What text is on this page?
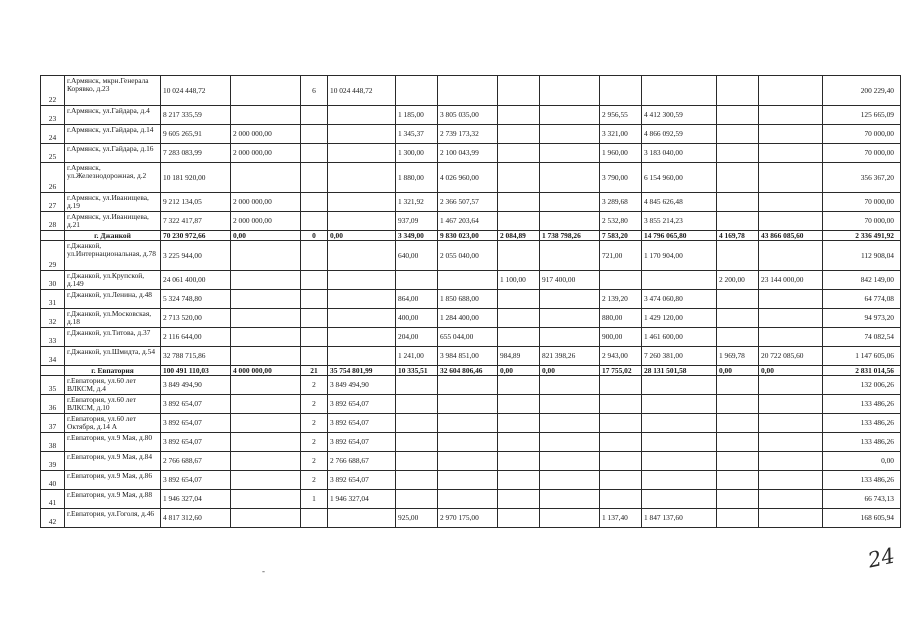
22	г.Армянск, мкрн.Генерала Корявко, д.23	10 024 448,72		6	10 024 448,72									200 229,40
23	г.Армянск, ул.Гайдара, д.4	8 217 335,59				1 185,00	3 805 035,00			2 956,55	4 412 300,59			125 665,09
24	г.Армянск, ул.Гайдара, д.14	9 605 265,91	2 000 000,00			1 345,37	2 739 173,32			3 321,00	4 866 092,59			70 000,00
25	г.Армянск, ул.Гайдара, д.16	7 283 083,99	2 000 000,00			1 300,00	2 100 043,99			1 960,00	3 183 040,00			70 000,00
26	г.Армянск, ул.Железнодорожная, д.2	10 181 920,00				1 880,00	4 026 960,00			3 790,00	6 154 960,00			356 367,20
27	г.Армянск, ул.Иванищева, д.19	9 212 134,05	2 000 000,00			1 321,92	2 366 507,57			3 289,68	4 845 626,48			70 000,00
28	г.Армянск, ул.Иванищева, д.21	7 322 417,87	2 000 000,00			937,09	1 467 203,64			2 532,80	3 855 214,23			70 000,00
	г. Джанкой	70 230 972,66	0,00	0	0,00	3 349,00	9 830 023,00	2 084,89	1 738 798,26	7 583,20	14 796 065,80	4 169,78	43 866 085,60	2 336 491,92
29	г.Джанкой, ул.Интернациональная, д.78	3 225 944,00				640,00	2 055 040,00			721,00	1 170 904,00			112 908,04
30	г.Джанкой, ул.Крупской, д.149	24 061 400,00						1 100,00	917 400,00			2 200,00	23 144 000,00	842 149,00
31	г.Джанкой, ул.Ленина, д.48	5 324 748,80				864,00	1 850 688,00			2 139,20	3 474 060,80			64 774,08
32	г.Джанкой, ул.Московская, д.18	2 713 520,00				400,00	1 284 400,00			880,00	1 429 120,00			94 973,20
33	г.Джанкой, ул.Титова, д.37	2 116 644,00				204,00	655 044,00			900,00	1 461 600,00			74 082,54
34	г.Джанкой, ул.Шмидта, д.54	32 788 715,86				1 241,00	3 984 851,00	984,89	821 398,26	2 943,00	7 260 381,00	1 969,78	20 722 085,60	1 147 605,06
	г. Евпатория	100 491 110,03	4 000 000,00	21	35 754 801,99	10 335,51	32 604 806,46	0,00	0,00	17 755,02	28 131 501,58	0,00	0,00	2 831 014,56
35	г.Евпатория, ул.60 лет ВЛКСМ, д.4	3 849 494,90		2	3 849 494,90									132 006,26
36	г.Евпатория, ул.60 лет ВЛКСМ, д.10	3 892 654,07		2	3 892 654,07									133 486,26
37	г.Евпатория, ул.60 лет Октября, д.14 А	3 892 654,07		2	3 892 654,07									133 486,26
38	г.Евпатория, ул.9 Мая, д.80	3 892 654,07		2	3 892 654,07									133 486,26
39	г.Евпатория, ул.9 Мая, д.84	2 766 688,67		2	2 766 688,67									0,00
40	г.Евпатория, ул.9 Мая, д.86	3 892 654,07		2	3 892 654,07									133 486,26
41	г.Евпатория, ул.9 Мая, д.88	1 946 327,04		1	1 946 327,04									66 743,13
42	г.Евпатория, ул.Гоголя, д.46	4 817 312,60				925,00	2 970 175,00			1 137,40	1 847 137,60			168 605,94
24
-
